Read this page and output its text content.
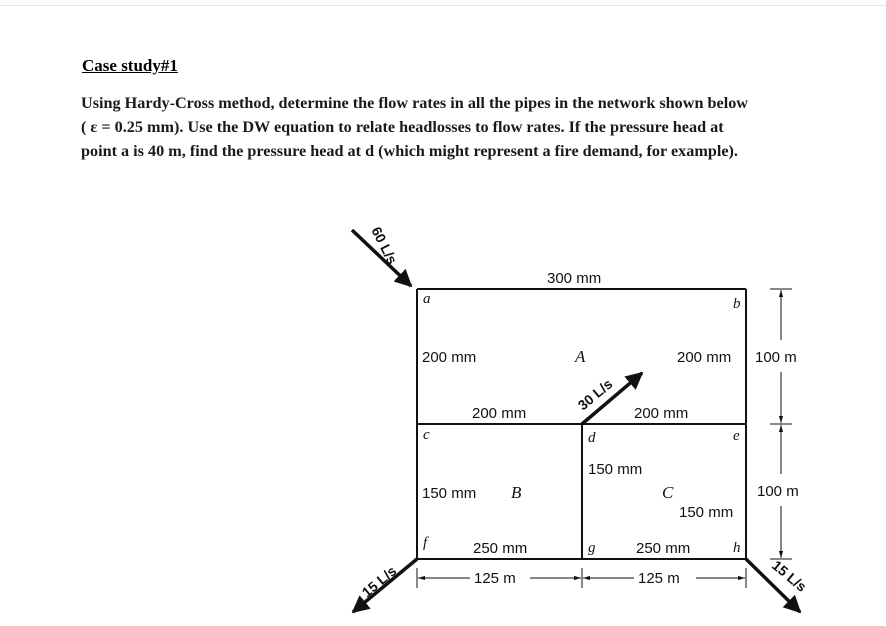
Case study#1

Using Hardy-Cross method, determine the flow rates in all the pipes in the network shown below
( ε = 0.25 mm). Use the DW equation to relate headlosses to flow rates. If the pressure head at
point a is 40 m, find the pressure head at d (which might represent a fire demand, for example).

a	b
c	d	e
f	g	h
A
B	C
300 mm
200 mm	200 mm
200 mm	200 mm
150 mm
150 mm
150 mm
250 mm	250 mm
100 m
100 m
125 m	125 m
60 L/s
30 L/s
15 L/s	15 L/s
